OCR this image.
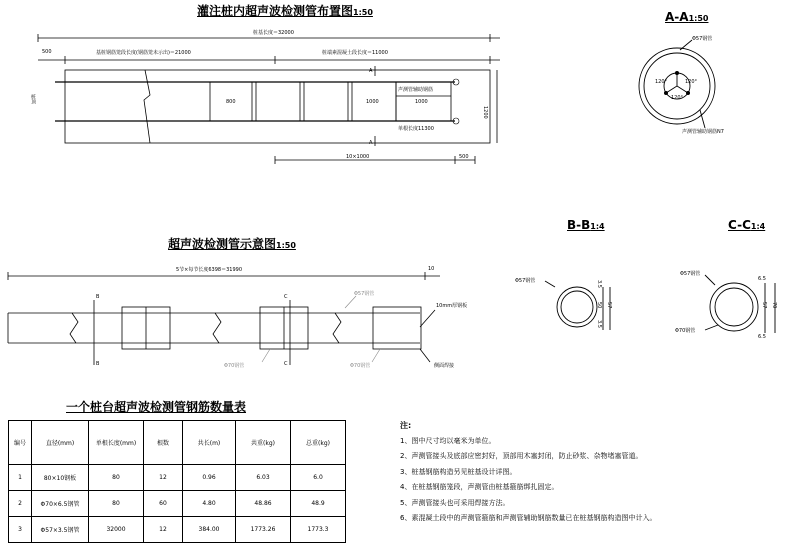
灌注桩内超声波检测管布置图1:50
桩基长度＝32000
500	基桩钢筋笼段长度(钢筋笼未示出)＝21000	桩端素混凝土段长度＝11000
桩顶	800	1000	1000
声测管辅助钢筋
单根长度11300
A
A
1200
10×1000	500
A-A1:50
Φ57钢管
声测管辅助钢筋N7
120°	120°
120°
超声波检测管示意图1:50
5节×每节长度6398＝31990	10
Φ57钢管
10mm厚钢板
Φ70钢管	Φ70钢管	侧面焊接
B
B
C
C
B-B1:4
Φ57钢管	3.5
3.5
50 57
C-C1:4
Φ57钢管
Φ70钢管
6.5
6.5
57 70
一个桩台超声波检测管钢筋数量表
编号	直径(mm)	单根长度(mm)	根数	共长(m)	共重(kg)	总重(kg)
1	80×10钢板	80	12	0.96	6.03	6.0
2	Φ70×6.5钢管	80	60	4.80	48.86	48.9
3	Φ57×3.5钢管	32000	12	384.00	1773.26	1773.3
注:
1、图中尺寸均以毫米为单位。
2、声测管接头及底部应密封好，顶部用木塞封闭，防止砂浆、杂物堵塞管道。
3、桩基钢筋构造另见桩基设计详图。
4、在桩基钢筋笼段，声测管由桩基箍筋绑扎固定。
5、声测管接头也可采用焊接方法。
6、素混凝土段中的声测管箍筋和声测管辅助钢筋数量已在桩基钢筋构造图中计入。
